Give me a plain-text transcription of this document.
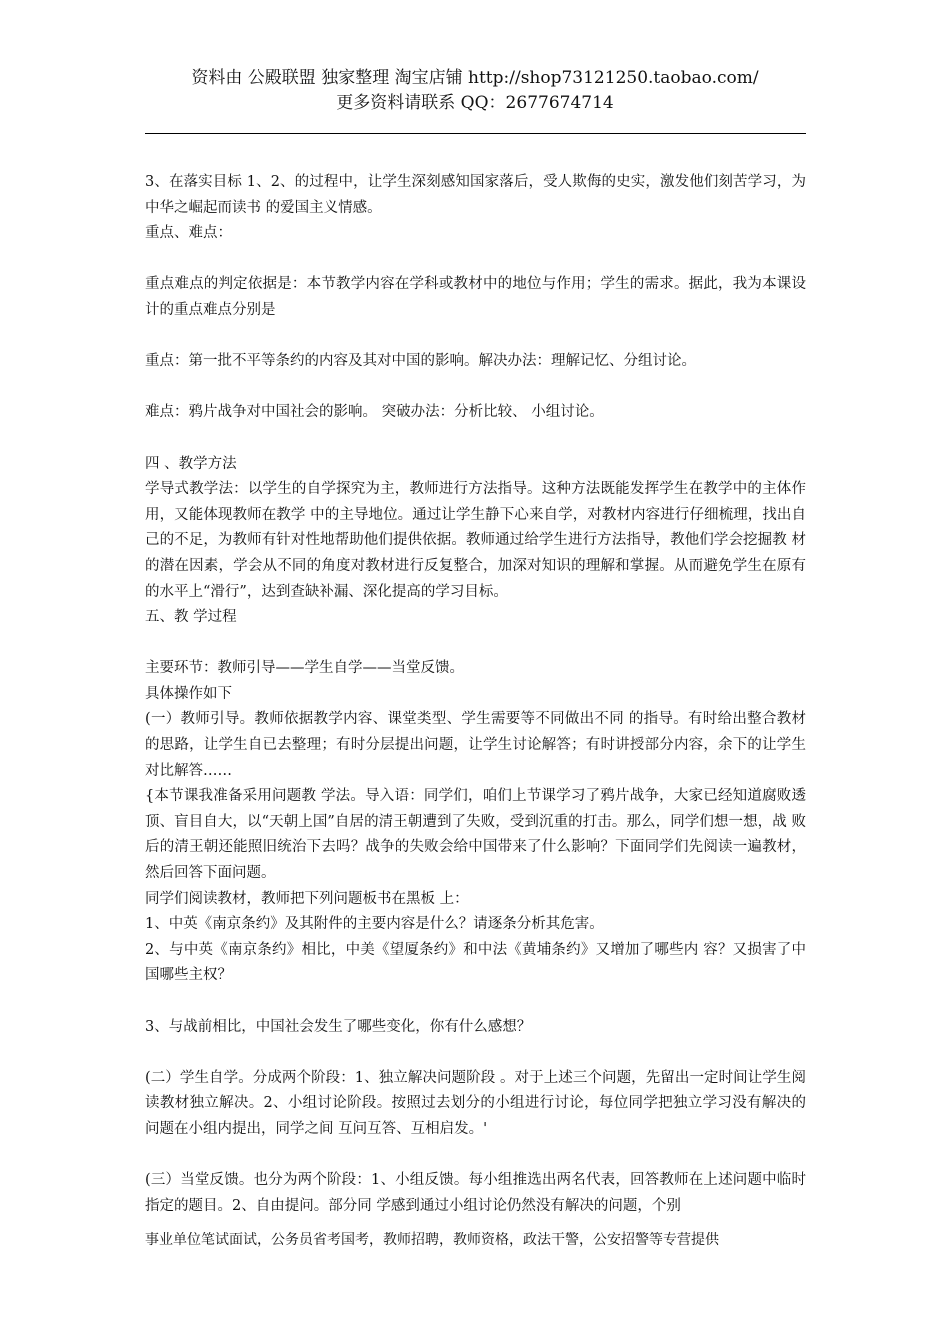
资料由 公殿联盟 独家整理 淘宝店铺 http://shop73121250.taobao.com/
更多资料请联系 QQ：2677674714

3、在落实目标 1、2、的过程中，让学生深刻感知国家落后，受人欺侮的史实，激发他们刻苦学习，为中华之崛起而读书 的爱国主义情感。

重点、难点：

重点难点的判定依据是：本节教学内容在学科或教材中的地位与作用；学生的需求。据此，我为本课设计的重点难点分别是

重点：第一批不平等条约的内容及其对中国的影响。解决办法：理解记忆、分组讨论。

难点：鸦片战争对中国社会的影响。 突破办法：分析比较、 小组讨论。

四 、教学方法

学导式教学法：以学生的自学探究为主，教师进行方法指导。这种方法既能发挥学生在教学中的主体作用，又能体现教师在教学 中的主导地位。通过让学生静下心来自学，对教材内容进行仔细梳理，找出自己的不足，为教师有针对性地帮助他们提供依据。教师通过给学生进行方法指导，教他们学会挖掘教 材的潜在因素，学会从不同的角度对教材进行反复整合，加深对知识的理解和掌握。从而避免学生在原有的水平上“滑行”，达到查缺补漏、深化提高的学习目标。

五、教 学过程

主要环节：教师引导——学生自学——当堂反馈。

具体操作如下

(一）教师引导。教师依据教学内容、课堂类型、学生需要等不同做出不同 的指导。有时给出整合教材的思路，让学生自已去整理；有时分层提出问题，让学生讨论解答；有时讲授部分内容，余下的让学生对比解答……

{本节课我准备采用问题教 学法。导入语：同学们，咱们上节课学习了鸦片战争，大家已经知道腐败透顶、盲目自大，以“天朝上国”自居的清王朝遭到了失败，受到沉重的打击。那么，同学们想一想，战 败后的清王朝还能照旧统治下去吗？战争的失败会给中国带来了什么影响？下面同学们先阅读一遍教材，然后回答下面问题。

同学们阅读教材，教师把下列问题板书在黑板 上：

1、中英《南京条约》及其附件的主要内容是什么？请逐条分析其危害。

2、与中英《南京条约》相比，中美《望厦条约》和中法《黄埔条约》又增加了哪些内 容？又损害了中国哪些主权？

3、与战前相比，中国社会发生了哪些变化，你有什么感想？

(二）学生自学。分成两个阶段：1、独立解决问题阶段 。对于上述三个问题，先留出一定时间让学生阅读教材独立解决。2、小组讨论阶段。按照过去划分的小组进行讨论，每位同学把独立学习没有解决的问题在小组内提出，同学之间 互问互答、互相启发。'

(三）当堂反馈。也分为两个阶段：1、小组反馈。每小组推选出两名代表，回答教师在上述问题中临时指定的题目。2、自由提问。部分同 学感到通过小组讨论仍然没有解决的问题，个别

事业单位笔试面试，公务员省考国考，教师招聘，教师资格，政法干警，公安招警等专营提供
